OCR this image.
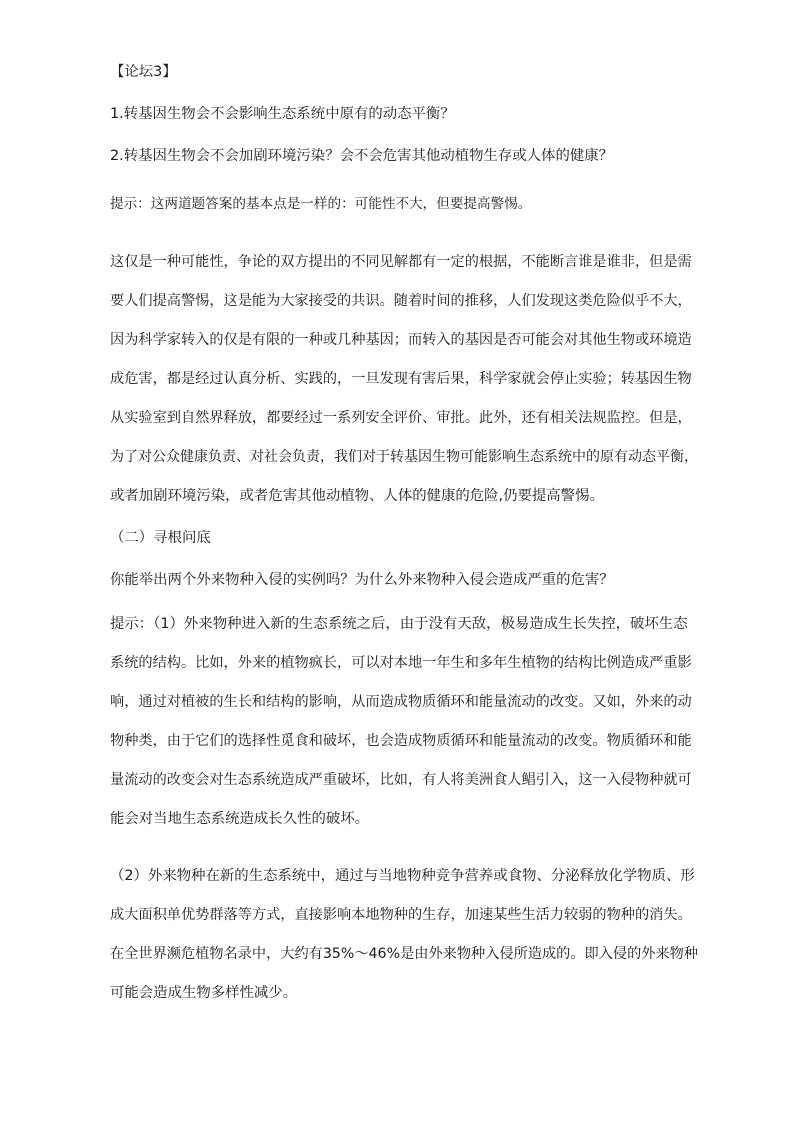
【论坛3】

1.转基因生物会不会影响生态系统中原有的动态平衡？

2.转基因生物会不会加剧环境污染？会不会危害其他动植物生存或人体的健康？

提示：这两道题答案的基本点是一样的：可能性不大，但要提高警惕。

这仅是一种可能性，争论的双方提出的不同见解都有一定的根据，不能断言谁是谁非，但是需

要人们提高警惕，这是能为大家接受的共识。随着时间的推移，人们发现这类危险似乎不大，

因为科学家转入的仅是有限的一种或几种基因；而转入的基因是否可能会对其他生物或环境造

成危害，都是经过认真分析、实践的，一旦发现有害后果，科学家就会停止实验；转基因生物

从实验室到自然界释放，都要经过一系列安全评价、审批。此外，还有相关法规监控。但是，

为了对公众健康负责、对社会负责，我们对于转基因生物可能影响生态系统中的原有动态平衡，

或者加剧环境污染，或者危害其他动植物、人体的健康的危险,仍要提高警惕。

（二）寻根问底

你能举出两个外来物种入侵的实例吗？为什么外来物种入侵会造成严重的危害？

提示：（1）外来物种进入新的生态系统之后，由于没有天敌，极易造成生长失控，破坏生态

系统的结构。比如，外来的植物疯长，可以对本地一年生和多年生植物的结构比例造成严重影

响，通过对植被的生长和结构的影响，从而造成物质循环和能量流动的改变。又如，外来的动

物种类，由于它们的选择性觅食和破坏，也会造成物质循环和能量流动的改变。物质循环和能

量流动的改变会对生态系统造成严重破坏，比如，有人将美洲食人鲳引入，这一入侵物种就可

能会对当地生态系统造成长久性的破坏。

（2）外来物种在新的生态系统中，通过与当地物种竞争营养或食物、分泌释放化学物质、形

成大面积单优势群落等方式，直接影响本地物种的生存，加速某些生活力较弱的物种的消失。

在全世界濒危植物名录中，大约有35%～46%是由外来物种入侵所造成的。即入侵的外来物种

可能会造成生物多样性减少。
